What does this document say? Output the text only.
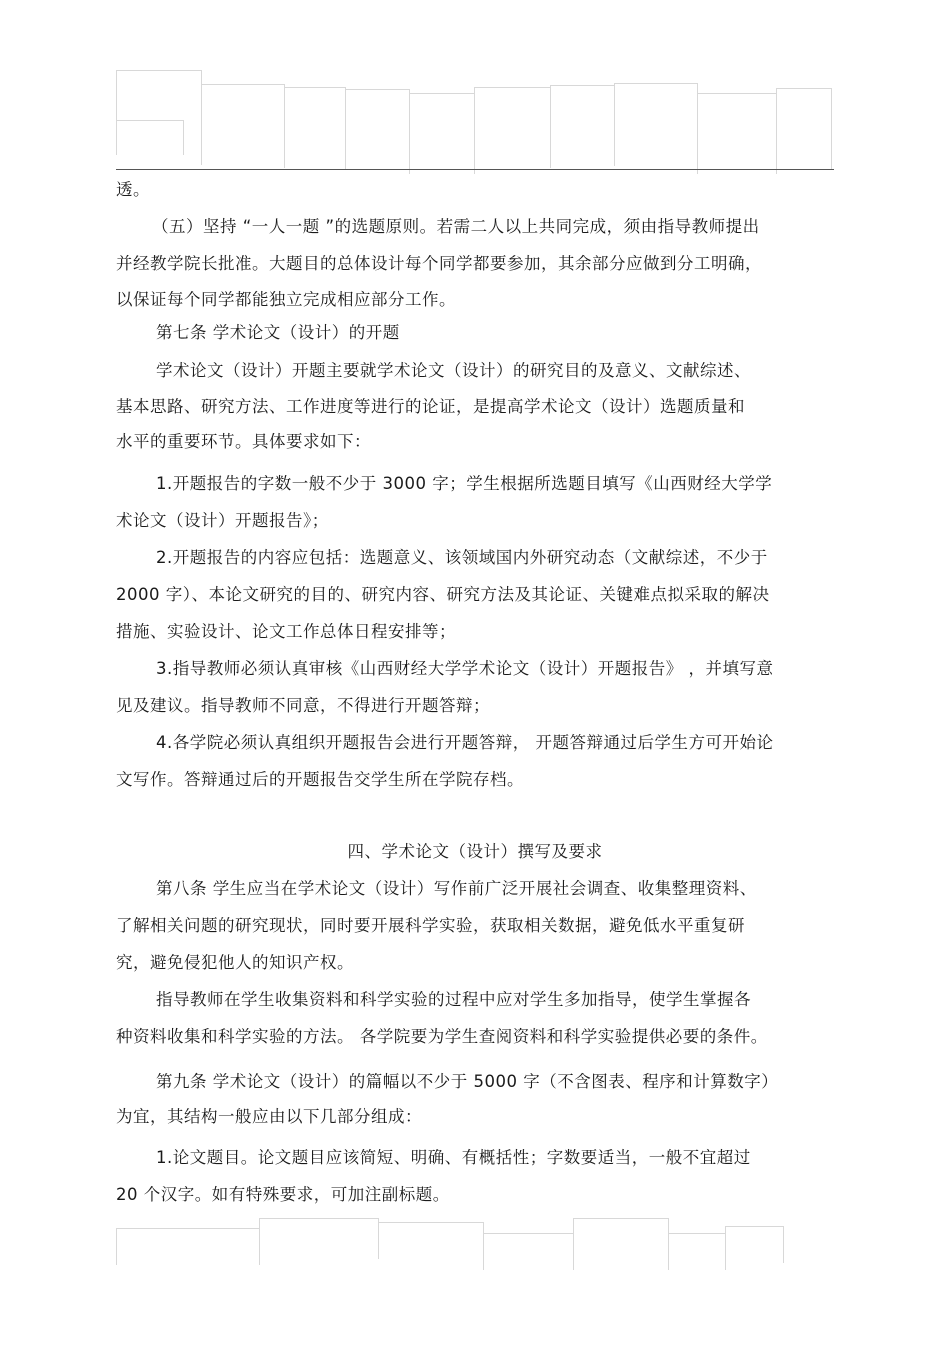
透。

（五）坚持 “一人一题 ”的选题原则。若需二人以上共同完成，须由指导教师提出

并经教学院长批准。大题目的总体设计每个同学都要参加，其余部分应做到分工明确，

以保证每个同学都能独立完成相应部分工作。

第七条 学术论文（设计）的开题

学术论文（设计）开题主要就学术论文（设计）的研究目的及意义、文献综述、

基本思路、研究方法、工作进度等进行的论证，是提高学术论文（设计）选题质量和

水平的重要环节。具体要求如下：

1.开题报告的字数一般不少于 3000 字；学生根据所选题目填写《山西财经大学学

术论文（设计）开题报告》；

2.开题报告的内容应包括：选题意义、该领域国内外研究动态（文献综述，不少于

2000 字）、本论文研究的目的、研究内容、研究方法及其论证、关键难点拟采取的解决

措施、实验设计、论文工作总体日程安排等；

3.指导教师必须认真审核《山西财经大学学术论文（设计）开题报告》 ，并填写意

见及建议。指导教师不同意，不得进行开题答辩；

4.各学院必须认真组织开题报告会进行开题答辩， 开题答辩通过后学生方可开始论

文写作。答辩通过后的开题报告交学生所在学院存档。

四、学术论文（设计）撰写及要求

第八条 学生应当在学术论文（设计）写作前广泛开展社会调查、收集整理资料、

了解相关问题的研究现状，同时要开展科学实验，获取相关数据，避免低水平重复研

究，避免侵犯他人的知识产权。

指导教师在学生收集资料和科学实验的过程中应对学生多加指导，使学生掌握各

种资料收集和科学实验的方法。 各学院要为学生查阅资料和科学实验提供必要的条件。

第九条 学术论文（设计）的篇幅以不少于 5000 字（不含图表、程序和计算数字）

为宜，其结构一般应由以下几部分组成：

1.论文题目。论文题目应该简短、明确、有概括性；字数要适当，一般不宜超过

20 个汉字。如有特殊要求，可加注副标题。
